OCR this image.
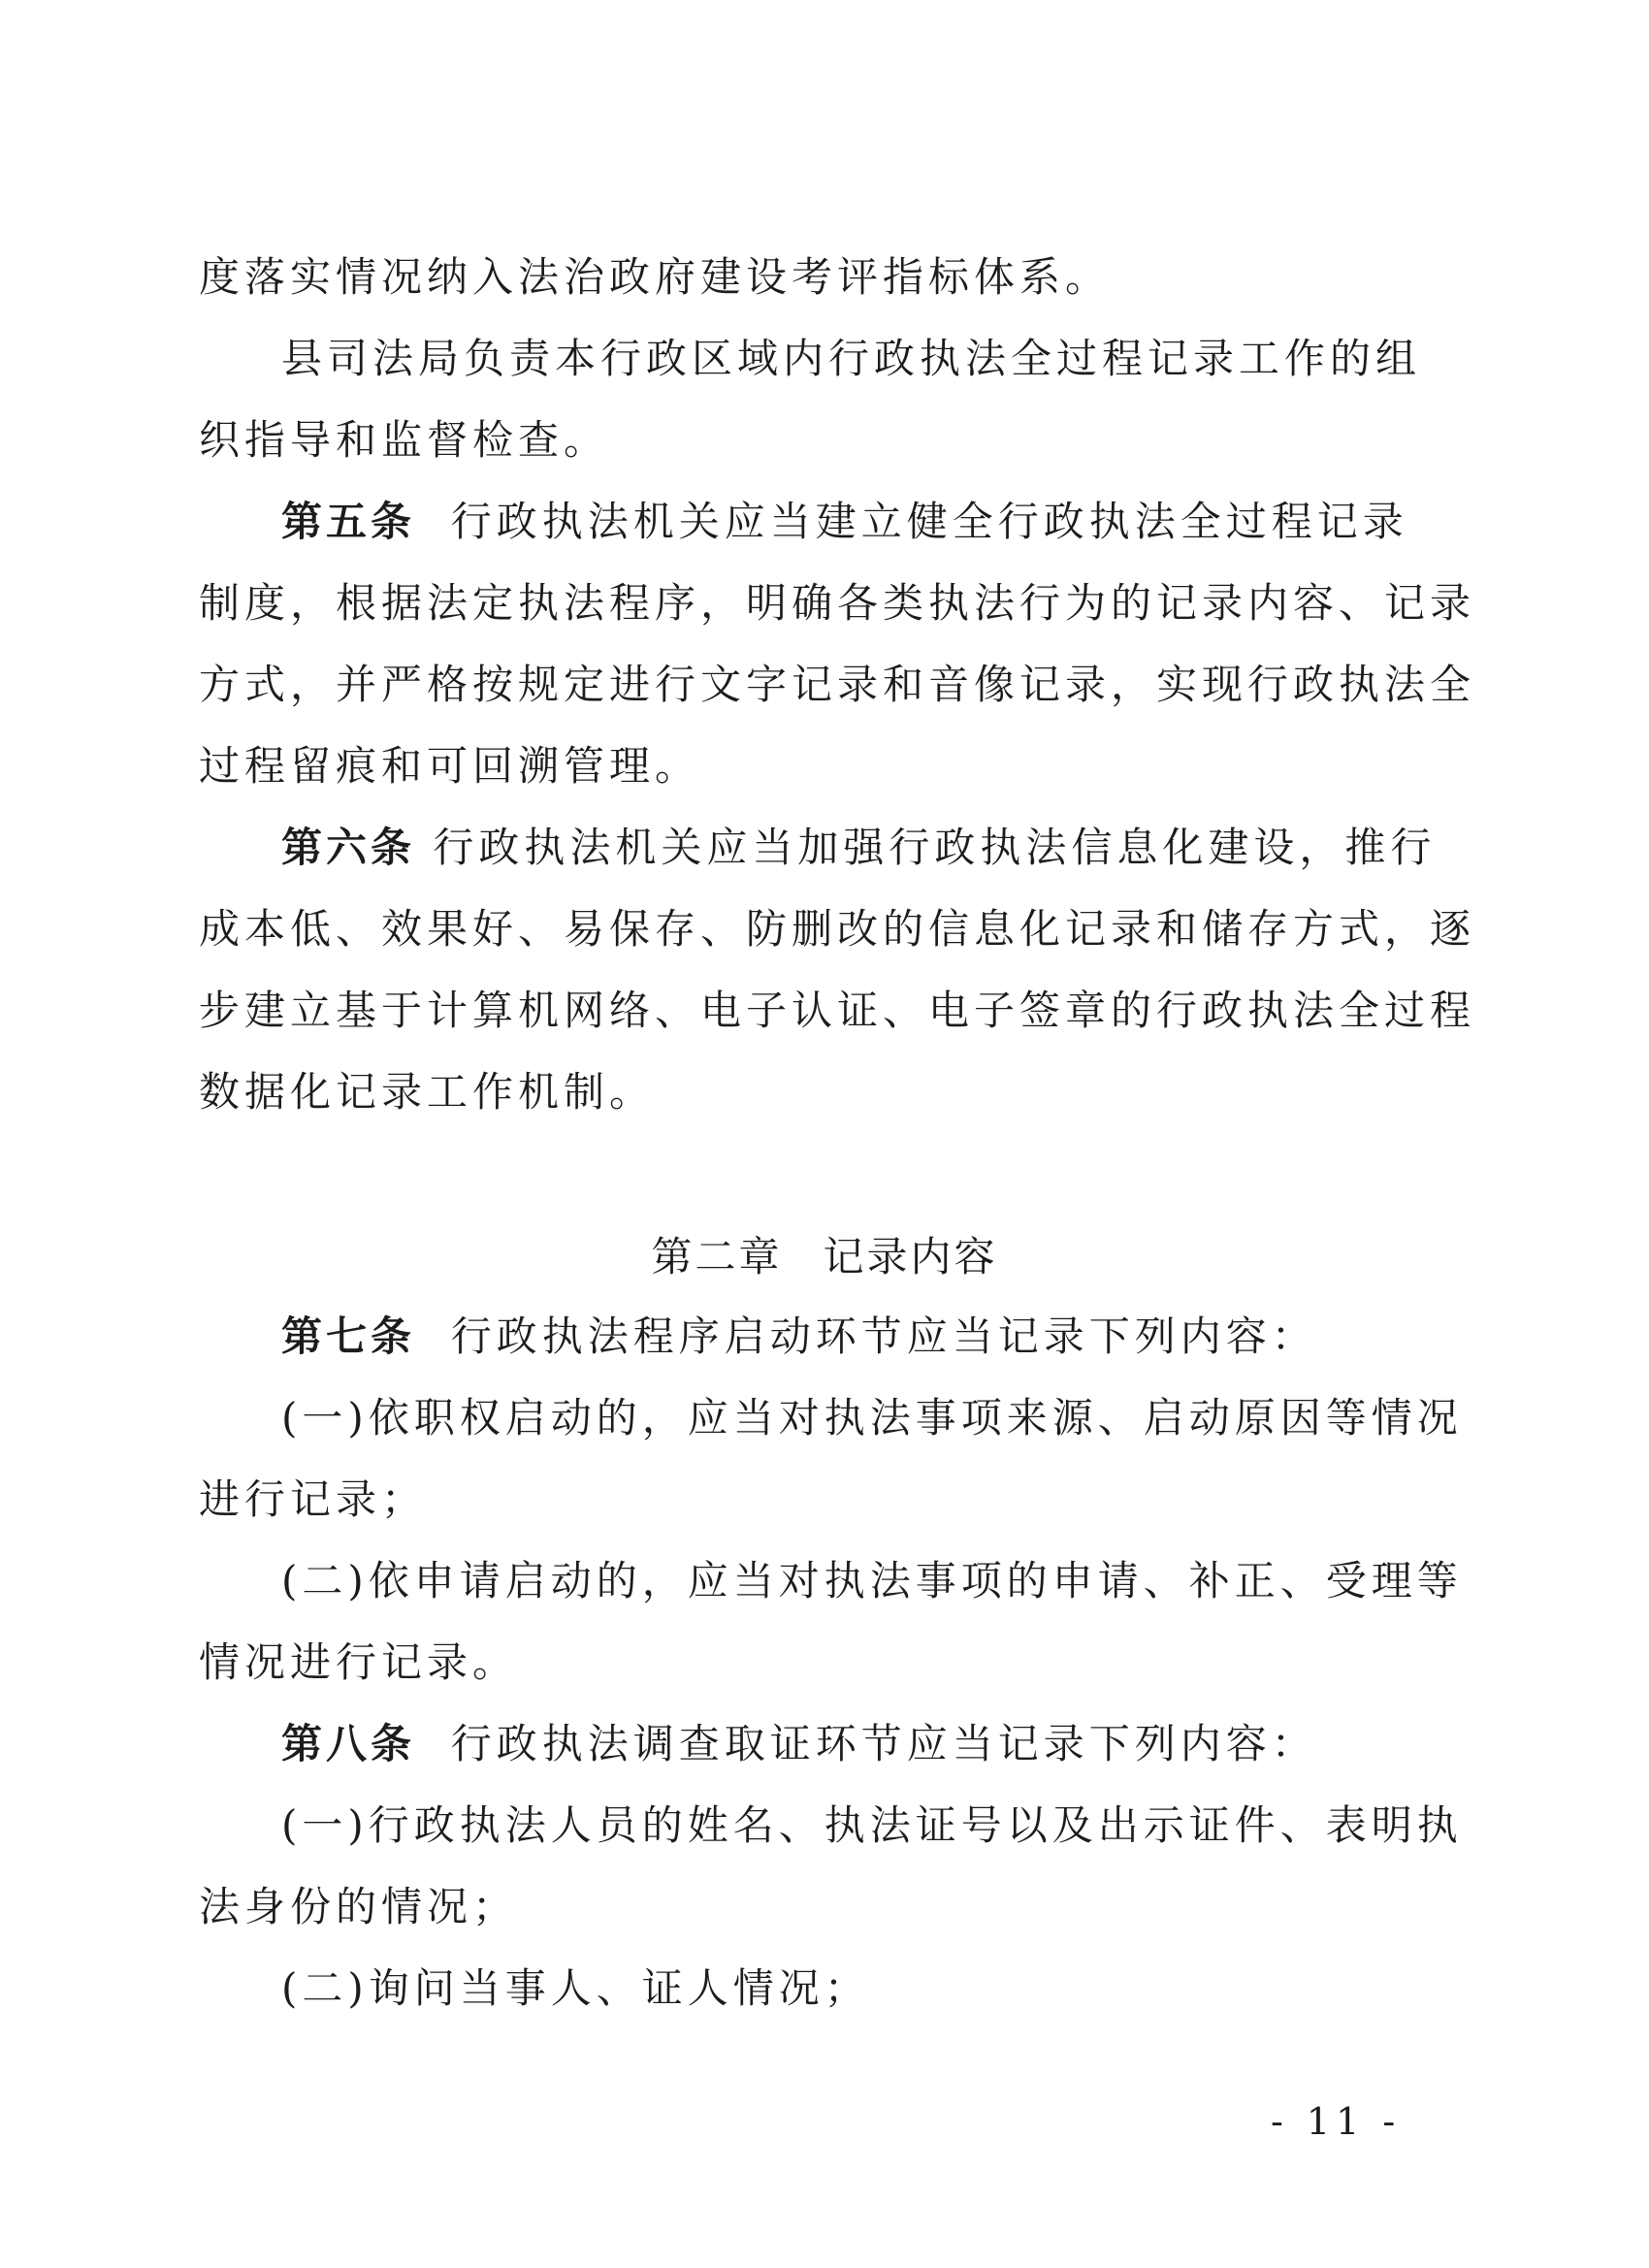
度落实情况纳入法治政府建设考评指标体系。
县司法局负责本行政区域内行政执法全过程记录工作的组
织指导和监督检查。
第五条 行政执法机关应当建立健全行政执法全过程记录
制度，根据法定执法程序，明确各类执法行为的记录内容、记录
方式，并严格按规定进行文字记录和音像记录，实现行政执法全
过程留痕和可回溯管理。
第六条 行政执法机关应当加强行政执法信息化建设，推行
成本低、效果好、易保存、防删改的信息化记录和储存方式，逐
步建立基于计算机网络、电子认证、电子签章的行政执法全过程
数据化记录工作机制。
第二章 记录内容
第七条 行政执法程序启动环节应当记录下列内容：
(一)依职权启动的，应当对执法事项来源、启动原因等情况
进行记录；
(二)依申请启动的，应当对执法事项的申请、补正、受理等
情况进行记录。
第八条 行政执法调查取证环节应当记录下列内容：
(一)行政执法人员的姓名、执法证号以及出示证件、表明执
法身份的情况；
(二)询问当事人、证人情况；
- 11 -
